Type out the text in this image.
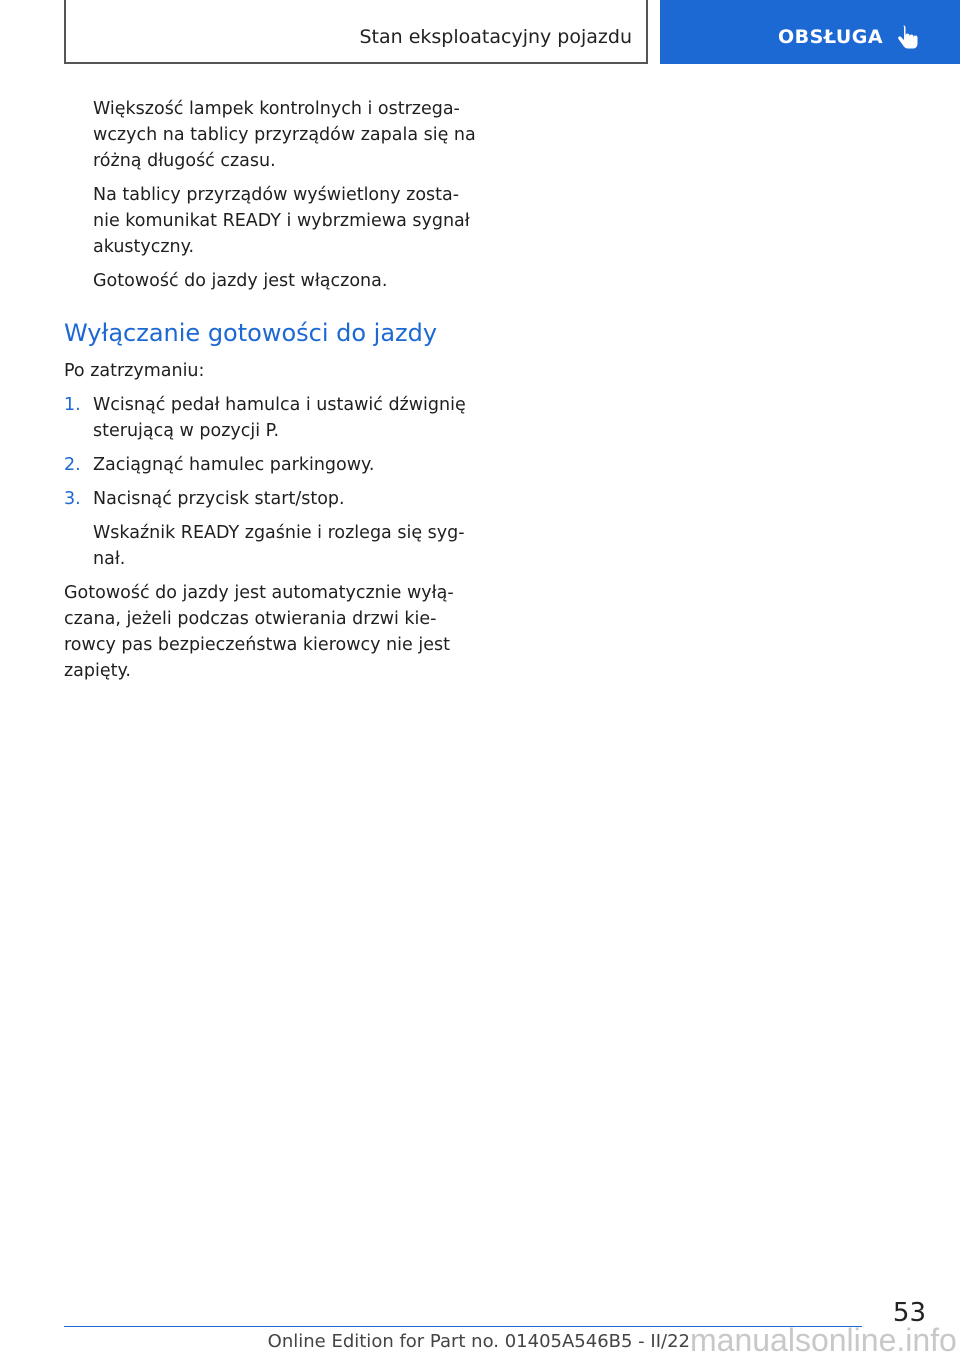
Stan eksploatacyjny pojazdu	OBSŁUGA

Większość lampek kontrolnych i ostrzega- wczych na tablicy przyrządów zapala się na różną długość czasu.

Na tablicy przyrządów wyświetlony zosta- nie komunikat READY i wybrzmiewa sygnał akustyczny.

Gotowość do jazdy jest włączona.

Wyłączanie gotowości do jazdy

Po zatrzymaniu:

1. Wcisnąć pedał hamulca i ustawić dźwignię sterującą w pozycji P.
2. Zaciągnąć hamulec parkingowy.
3. Nacisnąć przycisk start/stop.

Wskaźnik READY zgaśnie i rozlega się syg- nał.

Gotowość do jazdy jest automatycznie wyłą- czana, jeżeli podczas otwierania drzwi kie- rowcy pas bezpieczeństwa kierowcy nie jest zapięty.

53
Online Edition for Part no. 01405A546B5 - II/22 manualsonline.info
